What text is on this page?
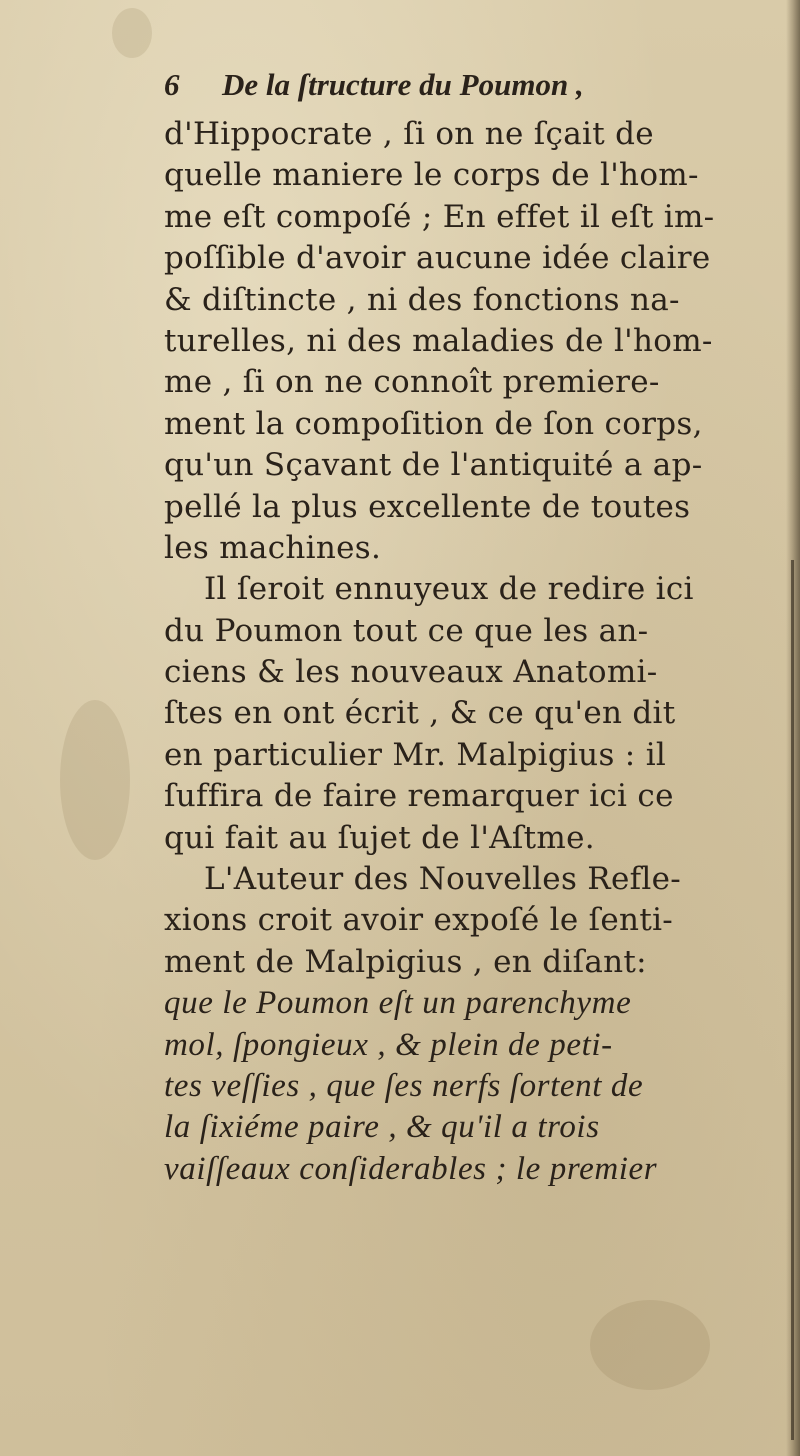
6 De la ſtructure du Poumon ,
d'Hippocrate , ſi on ne ſçait de
quelle maniere le corps de l'hom-
me eſt compoſé ; En effet il eſt im-
poſſible d'avoir aucune idée claire
& diſtincte , ni des fonctions na-
turelles, ni des maladies de l'hom-
me , ſi on ne connoît premiere-
ment la compoſition de ſon corps,
qu'un Sçavant de l'antiquité a ap-
pellé la plus excellente de toutes
les machines.
Il ſeroit ennuyeux de redire ici
du Poumon tout ce que les an-
ciens & les nouveaux Anatomi-
ſtes en ont écrit , & ce qu'en dit
en particulier Mr. Malpigius : il
ſuffira de faire remarquer ici ce
qui fait au ſujet de l'Aſtme.
L'Auteur des Nouvelles Refle-
xions croit avoir expoſé le ſenti-
ment de Malpigius , en diſant:
que le Poumon eſt un parenchyme
mol, ſpongieux , & plein de peti-
tes veſſies , que ſes nerfs ſortent de
la ſixiéme paire , & qu'il a trois
vaiſſeaux conſiderables ; le premier
